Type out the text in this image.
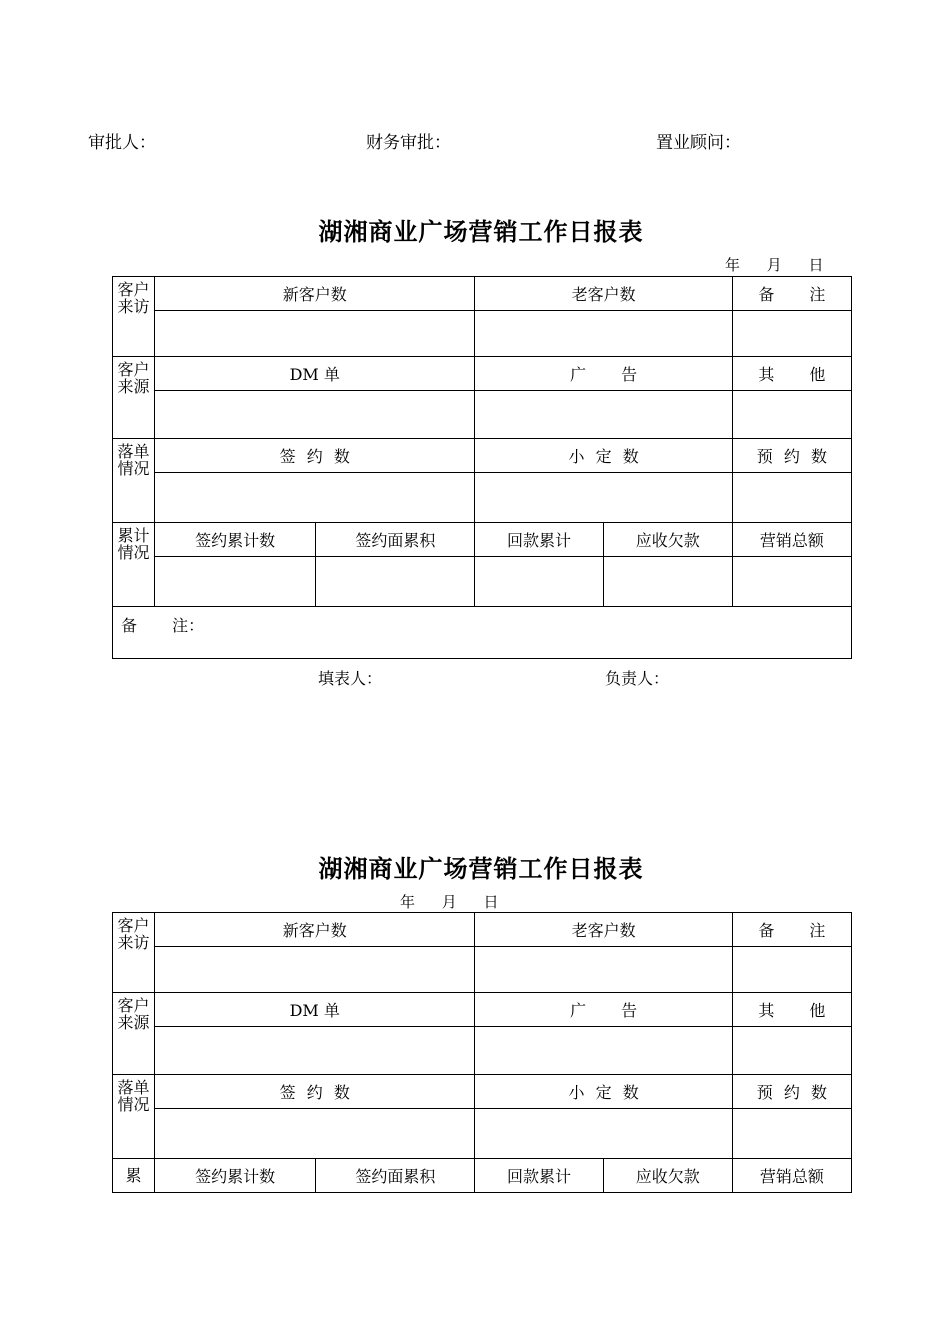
审批人：	财务审批：	置业顾问：
湖湘商业广场营销工作日报表
年 月 日
客户来访	新客户数		老客户数		备 注

客户来源	DM 单		广 告		其 他

落单情况	签 约 数		小 定 数		预 约 数

累计情况	签约累计数	签约面累积	回款累计	应收欠款	营销总额

备 注：					
填表人：	负责人：
湖湘商业广场营销工作日报表
年 月 日
客户来访	新客户数		老客户数		备 注

客户来源	DM 单		广 告		其 他

落单情况	签 约 数		小 定 数		预 约 数

累	签约累计数	签约面累积	回款累计	应收欠款	营销总额
